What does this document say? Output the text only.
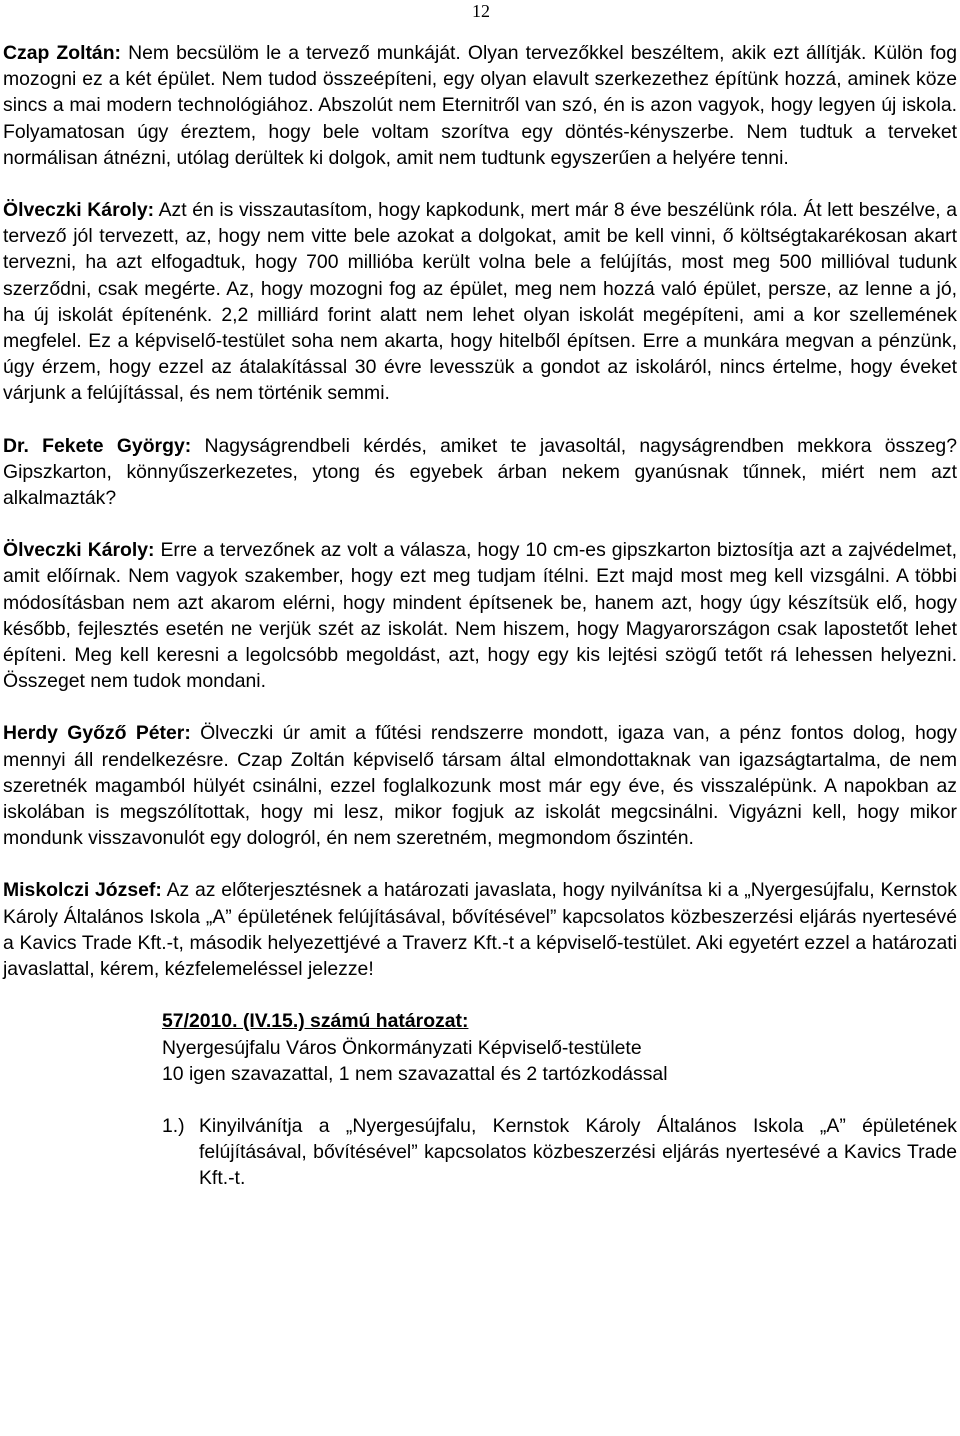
12

Czap Zoltán: Nem becsülöm le a tervező munkáját. Olyan tervezőkkel beszéltem, akik ezt állítják. Külön fog mozogni ez a két épület. Nem tudod összeépíteni, egy olyan elavult szerkezethez építünk hozzá, aminek köze sincs a mai modern technológiához. Abszolút nem Eternitről van szó, én is azon vagyok, hogy legyen új iskola. Folyamatosan úgy éreztem, hogy bele voltam szorítva egy döntés-kényszerbe. Nem tudtuk a terveket normálisan átnézni, utólag derültek ki dolgok, amit nem tudtunk egyszerűen a helyére tenni.

Ölveczki Károly: Azt én is visszautasítom, hogy kapkodunk, mert már 8 éve beszélünk róla. Át lett beszélve, a tervező jól tervezett, az, hogy nem vitte bele azokat a dolgokat, amit be kell vinni, ő költségtakarékosan akart tervezni, ha azt elfogadtuk, hogy 700 millióba került volna bele a felújítás, most meg 500 millióval tudunk szerződni, csak megérte. Az, hogy mozogni fog az épület, meg nem hozzá való épület, persze, az lenne a jó, ha új iskolát építenénk. 2,2 milliárd forint alatt nem lehet olyan iskolát megépíteni, ami a kor szellemének megfelel. Ez a képviselő-testület soha nem akarta, hogy hitelből építsen. Erre a munkára megvan a pénzünk, úgy érzem, hogy ezzel az átalakítással 30 évre levesszük a gondot az iskoláról, nincs értelme, hogy éveket várjunk a felújítással, és nem történik semmi.

Dr. Fekete György: Nagyságrendbeli kérdés, amiket te javasoltál, nagyságrendben mekkora összeg? Gipszkarton, könnyűszerkezetes, ytong és egyebek árban nekem gyanúsnak tűnnek, miért nem azt alkalmazták?

Ölveczki Károly: Erre a tervezőnek az volt a válasza, hogy 10 cm-es gipszkarton biztosítja azt a zajvédelmet, amit előírnak. Nem vagyok szakember, hogy ezt meg tudjam ítélni. Ezt majd most meg kell vizsgálni. A többi módosításban nem azt akarom elérni, hogy mindent építsenek be, hanem azt, hogy úgy készítsük elő, hogy később, fejlesztés esetén ne verjük szét az iskolát. Nem hiszem, hogy Magyarországon csak lapostetőt lehet építeni. Meg kell keresni a legolcsóbb megoldást, azt, hogy egy kis lejtési szögű tetőt rá lehessen helyezni. Összeget nem tudok mondani.

Herdy Győző Péter: Ölveczki úr amit a fűtési rendszerre mondott, igaza van, a pénz fontos dolog, hogy mennyi áll rendelkezésre. Czap Zoltán képviselő társam által elmondottaknak van igazságtartalma, de nem szeretnék magamból hülyét csinálni, ezzel foglalkozunk most már egy éve, és visszalépünk. A napokban az iskolában is megszólítottak, hogy mi lesz, mikor fogjuk az iskolát megcsinálni. Vigyázni kell, hogy mikor mondunk visszavonulót egy dologról, én nem szeretném, megmondom őszintén.

Miskolczi József: Az az előterjesztésnek a határozati javaslata, hogy nyilvánítsa ki a „Nyergesújfalu, Kernstok Károly Általános Iskola „A” épületének felújításával, bővítésével” kapcsolatos közbeszerzési eljárás nyertesévé a Kavics Trade Kft.-t, második helyezettjévé a Traverz Kft.-t a képviselő-testület. Aki egyetért ezzel a határozati javaslattal, kérem, kézfelemeléssel jelezze!

57/2010. (IV.15.) számú határozat:
Nyergesújfalu Város Önkormányzati Képviselő-testülete
10 igen szavazattal, 1 nem szavazattal és 2 tartózkodással
1.) Kinyilvánítja a „Nyergesújfalu, Kernstok Károly Általános Iskola „A” épületének felújításával, bővítésével” kapcsolatos közbeszerzési eljárás nyertesévé a Kavics Trade Kft.-t.
